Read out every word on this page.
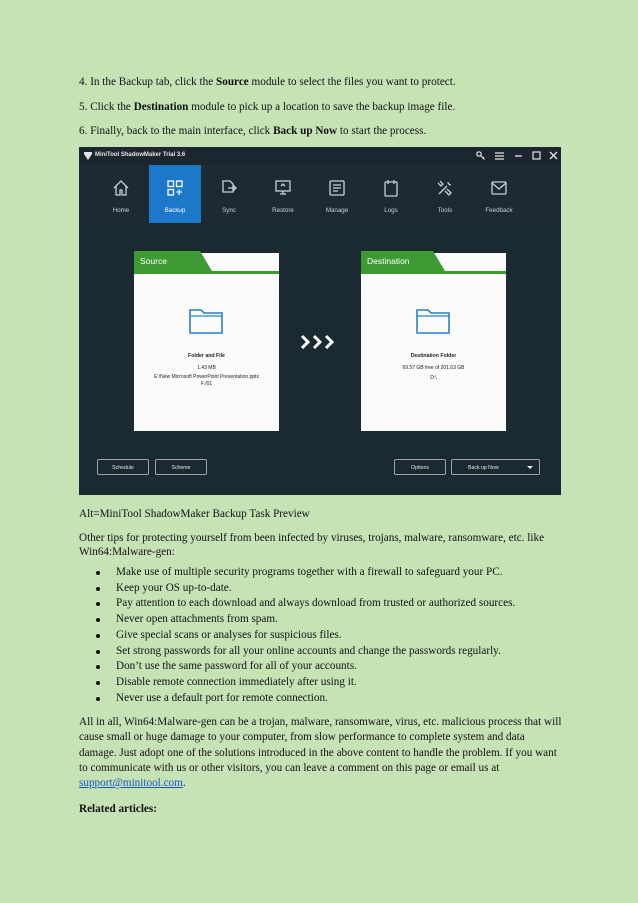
4. In the Backup tab, click the Source module to select the files you want to protect.

5. Click the Destination module to pick up a location to save the backup image file.

6. Finally, back to the main interface, click Back up Now to start the process.

MiniTool ShadowMaker Trial 3.6
Home	Backup	Sync	Restore	Manage	Logs	Tools	Feedback
Source
Folder and File
1.43 MB
E:/New Microsoft PowerPoint Presentation.pptx
F:/01
Destination
Destination Folder
69.57 GB free of 201.63 GB
D:\
Schedule	Scheme	Options	Back up Now

Alt=MiniTool ShadowMaker Backup Task Preview

Other tips for protecting yourself from been infected by viruses, trojans, malware, ransomware, etc. like Win64:Malware-gen:

Make use of multiple security programs together with a firewall to safeguard your PC.
Keep your OS up-to-date.
Pay attention to each download and always download from trusted or authorized sources.
Never open attachments from spam.
Give special scans or analyses for suspicious files.
Set strong passwords for all your online accounts and change the passwords regularly.
Don’t use the same password for all of your accounts.
Disable remote connection immediately after using it.
Never use a default port for remote connection.

All in all, Win64:Malware-gen can be a trojan, malware, ransomware, virus, etc. malicious process that will cause small or huge damage to your computer, from slow performance to complete system and data damage. Just adopt one of the solutions introduced in the above content to handle the problem. If you want to communicate with us or other visitors, you can leave a comment on this page or email us at support@minitool.com.

Related articles:
